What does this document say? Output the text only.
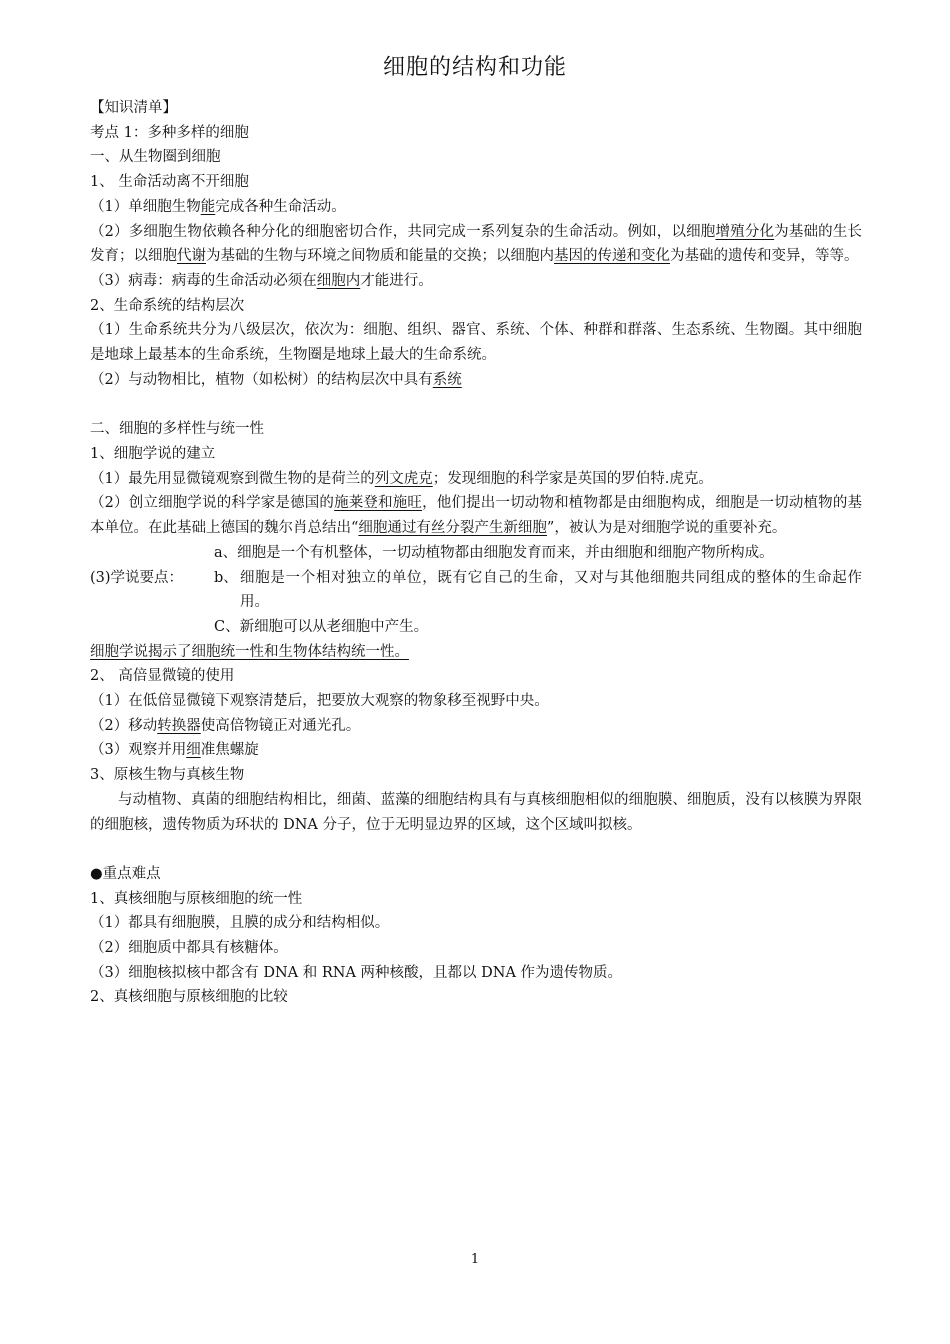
细胞的结构和功能
【知识清单】
考点 1：多种多样的细胞
一、从生物圈到细胞
1、 生命活动离不开细胞
（1）单细胞生物能完成各种生命活动。
（2）多细胞生物依赖各种分化的细胞密切合作，共同完成一系列复杂的生命活动。例如，以细胞增殖分化为基础的生长发育；以细胞代谢为基础的生物与环境之间物质和能量的交换；以细胞内基因的传递和变化为基础的遗传和变异，等等。
（3）病毒：病毒的生命活动必须在细胞内才能进行。
2、生命系统的结构层次
（1）生命系统共分为八级层次，依次为：细胞、组织、器官、系统、个体、种群和群落、生态系统、生物圈。其中细胞是地球上最基本的生命系统，生物圈是地球上最大的生命系统。
（2）与动物相比，植物（如松树）的结构层次中具有系统
二、细胞的多样性与统一性
1、细胞学说的建立
（1）最先用显微镜观察到微生物的是荷兰的列文虎克；发现细胞的科学家是英国的罗伯特.虎克。
（2）创立细胞学说的科学家是德国的施莱登和施旺，他们提出一切动物和植物都是由细胞构成，细胞是一切动植物的基本单位。在此基础上德国的魏尔肖总结出“细胞通过有丝分裂产生新细胞”，被认为是对细胞学说的重要补充。
(3)学说要点：
a、细胞是一个有机整体，一切动植物都由细胞发育而来，并由细胞和细胞产物所构成。
b、 细胞是一个相对独立的单位，既有它自己的生命，又对与其他细胞共同组成的整体的生命起作用。
C、新细胞可以从老细胞中产生。
细胞学说揭示了细胞统一性和生物体结构统一性。
2、 高倍显微镜的使用
（1）在低倍显微镜下观察清楚后，把要放大观察的物象移至视野中央。
（2）移动转换器使高倍物镜正对通光孔。
（3）观察并用细准焦螺旋
3、原核生物与真核生物
与动植物、真菌的细胞结构相比，细菌、蓝藻的细胞结构具有与真核细胞相似的细胞膜、细胞质，没有以核膜为界限的细胞核，遗传物质为环状的 DNA 分子，位于无明显边界的区域，这个区域叫拟核。
●重点难点
1、真核细胞与原核细胞的统一性
（1）都具有细胞膜，且膜的成分和结构相似。
（2）细胞质中都具有核糖体。
（3）细胞核拟核中都含有 DNA 和 RNA 两种核酸，且都以 DNA 作为遗传物质。
2、真核细胞与原核细胞的比较
1
